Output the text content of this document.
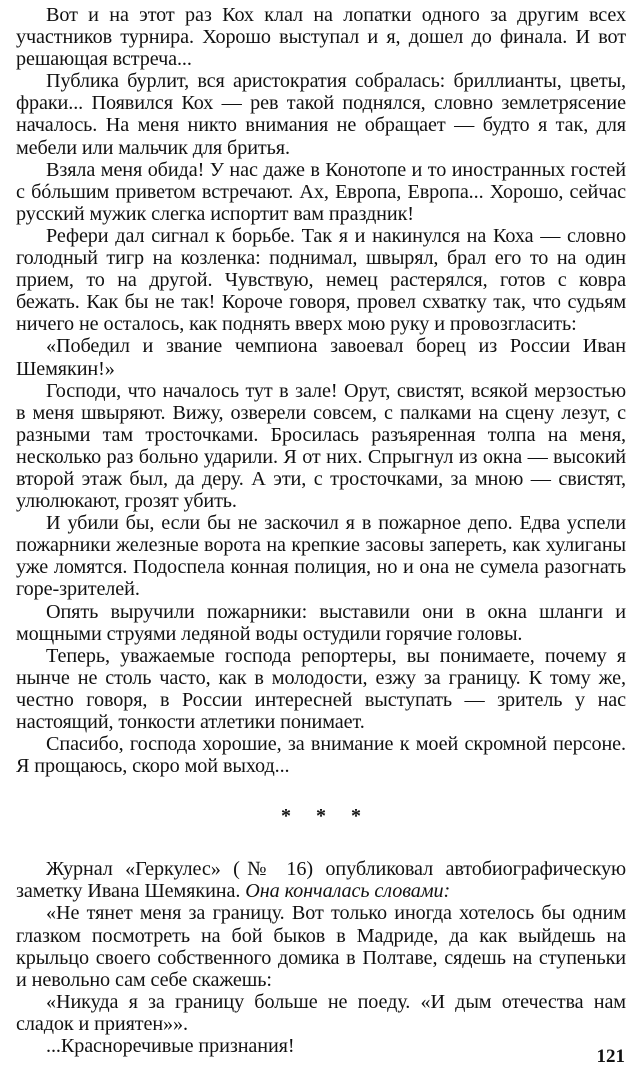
Вот и на этот раз Кох клал на лопатки одного за другим всех участников турнира. Хорошо выступал и я, дошел до финала. И вот решающая встреча...

Публика бурлит, вся аристократия собралась: бриллианты, цветы, фраки... Появился Кох — рев такой поднялся, словно землетрясение началось. На меня никто внимания не обращает — будто я так, для мебели или мальчик для бритья.

Взяла меня обида! У нас даже в Конотопе и то иностранных гостей с бóльшим приветом встречают. Ах, Европа, Европа... Хорошо, сейчас русский мужик слегка испортит вам праздник!

Рефери дал сигнал к борьбе. Так я и накинулся на Коха — словно голодный тигр на козленка: поднимал, швырял, брал его то на один прием, то на другой. Чувствую, немец растерялся, готов с ковра бежать. Как бы не так! Короче говоря, провел схватку так, что судьям ничего не осталось, как поднять вверх мою руку и провозгласить:

«Победил и звание чемпиона завоевал борец из России Иван Шемякин!»

Господи, что началось тут в зале! Орут, свистят, всякой мерзостью в меня швыряют. Вижу, озверели совсем, с палками на сцену лезут, с разными там тросточками. Бросилась разъяренная толпа на меня, несколько раз больно ударили. Я от них. Спрыгнул из окна — высокий второй этаж был, да деру. А эти, с тросточками, за мною — свистят, улюлюкают, грозят убить.

И убили бы, если бы не заскочил я в пожарное депо. Едва успели пожарники железные ворота на крепкие засовы запереть, как хулиганы уже ломятся. Подоспела конная полиция, но и она не сумела разогнать горе-зрителей.

Опять выручили пожарники: выставили они в окна шланги и мощными струями ледяной воды остудили горячие головы.

Теперь, уважаемые господа репортеры, вы понимаете, почему я нынче не столь часто, как в молодости, езжу за границу. К тому же, честно говоря, в России интересней выступать — зритель у нас настоящий, тонкости атлетики понимает.

Спасибо, господа хорошие, за внимание к моей скромной персоне. Я прощаюсь, скоро мой выход...

* * *

Журнал «Геркулес» (№ 16) опубликовал автобиографическую заметку Ивана Шемякина. Она кончалась словами:

«Не тянет меня за границу. Вот только иногда хотелось бы одним глазком посмотреть на бой быков в Мадриде, да как выйдешь на крыльцо своего собственного домика в Полтаве, сядешь на ступеньки и невольно сам себе скажешь:

«Никуда я за границу больше не поеду. «И дым отечества нам сладок и приятен»».

...Красноречивые признания!	121
